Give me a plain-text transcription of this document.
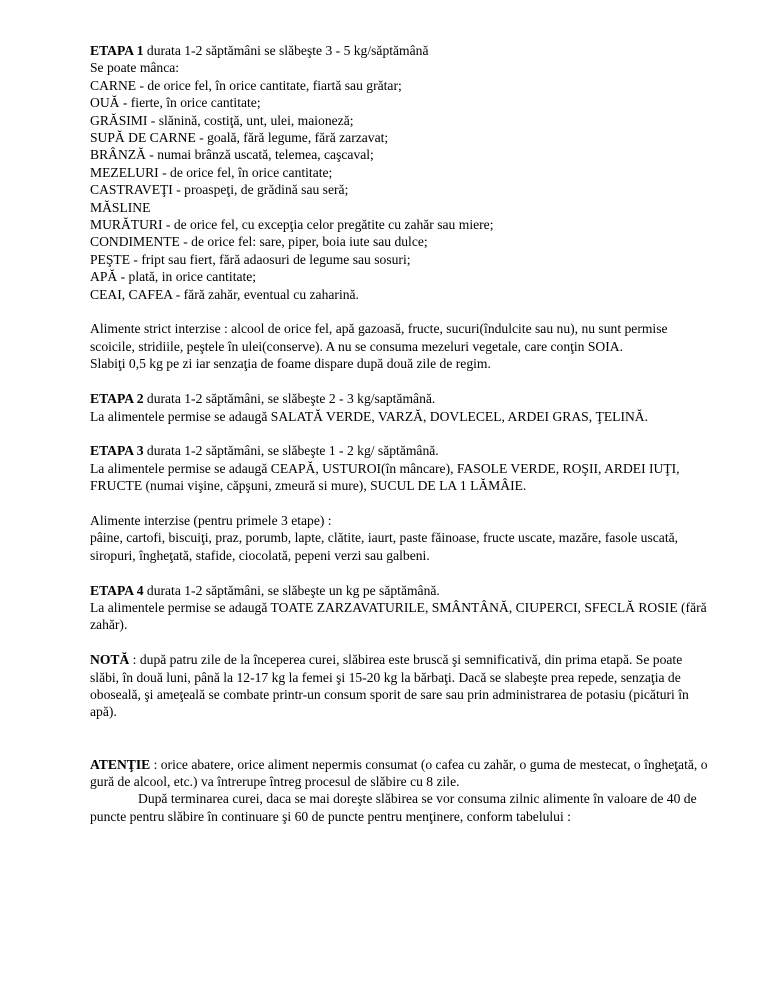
ETAPA 1 durata 1-2 săptămâni se slăbeşte 3 - 5 kg/săptămână

Se poate mânca:

CARNE - de orice fel, în orice cantitate, fiartă sau grătar;

OUĂ - fierte, în orice cantitate;

GRĂSIMI - slănină, costiţă, unt, ulei, maioneză;

SUPĂ DE CARNE - goală, fără legume, fără zarzavat;

BRÂNZĂ - numai brânză uscată, telemea, caşcaval;

MEZELURI - de orice fel, în orice cantitate;

CASTRAVEŢI - proaspeţi, de grădină sau seră;

MĂSLINE

MURĂTURI - de orice fel, cu excepţia celor pregătite cu zahăr sau miere;

CONDIMENTE - de orice fel: sare, piper, boia iute sau dulce;

PEŞTE - fript sau fiert, fără adaosuri de legume sau sosuri;

APĂ - plată, in orice cantitate;

CEAI, CAFEA - fără zahăr, eventual cu zaharină.

Alimente strict interzise : alcool de orice fel, apă gazoasă, fructe, sucuri(îndulcite sau nu), nu sunt permise scoicile, stridiile, peştele în ulei(conserve). A nu se consuma mezeluri vegetale, care conţin SOIA.

Slabiţi 0,5 kg pe zi iar senzaţia de foame dispare după două zile de regim.

ETAPA 2 durata 1-2 săptămâni, se slăbeşte 2 - 3 kg/saptămână.

La alimentele permise se adaugă SALATĂ VERDE, VARZĂ, DOVLECEL, ARDEI GRAS, ŢELINĂ.

ETAPA 3 durata 1-2 săptămâni, se slăbeşte 1 - 2 kg/ săptămână.

La alimentele permise se adaugă CEAPĂ, USTUROI(în mâncare), FASOLE VERDE, ROŞII, ARDEI IUŢI, FRUCTE (numai vişine, căpşuni, zmeură si mure), SUCUL DE LA 1 LĂMÂIE.

Alimente interzise (pentru primele 3 etape) :

pâine, cartofi, biscuiţi, praz, porumb, lapte, clătite, iaurt, paste făinoase, fructe uscate, mazăre, fasole uscată, siropuri, îngheţată, stafide, ciocolată, pepeni verzi sau galbeni.

ETAPA 4 durata 1-2 săptămâni, se slăbeşte un kg pe săptămână.

La alimentele permise se adaugă TOATE ZARZAVATURILE, SMÂNTÂNĂ, CIUPERCI, SFECLĂ ROSIE (fără zahăr).

NOTĂ : după patru zile de la începerea curei, slăbirea este bruscă şi semnificativă, din prima etapă. Se poate slăbi, în două luni, până la 12-17 kg la femei şi 15-20 kg la bărbaţi. Dacă se slabeşte prea repede, senzaţia de oboseală, şi ameţeală se combate printr-un consum sporit de sare sau prin administrarea de potasiu (picături în apă).

ATENŢIE : orice abatere, orice aliment nepermis consumat (o cafea cu zahăr, o guma de mestecat, o îngheţată, o gură de alcool, etc.) va întrerupe întreg procesul de slăbire cu 8 zile.

După terminarea curei, daca se mai doreşte slăbirea se vor consuma zilnic alimente în valoare de 40 de puncte pentru slăbire în continuare şi 60 de puncte pentru menţinere, conform tabelului :
